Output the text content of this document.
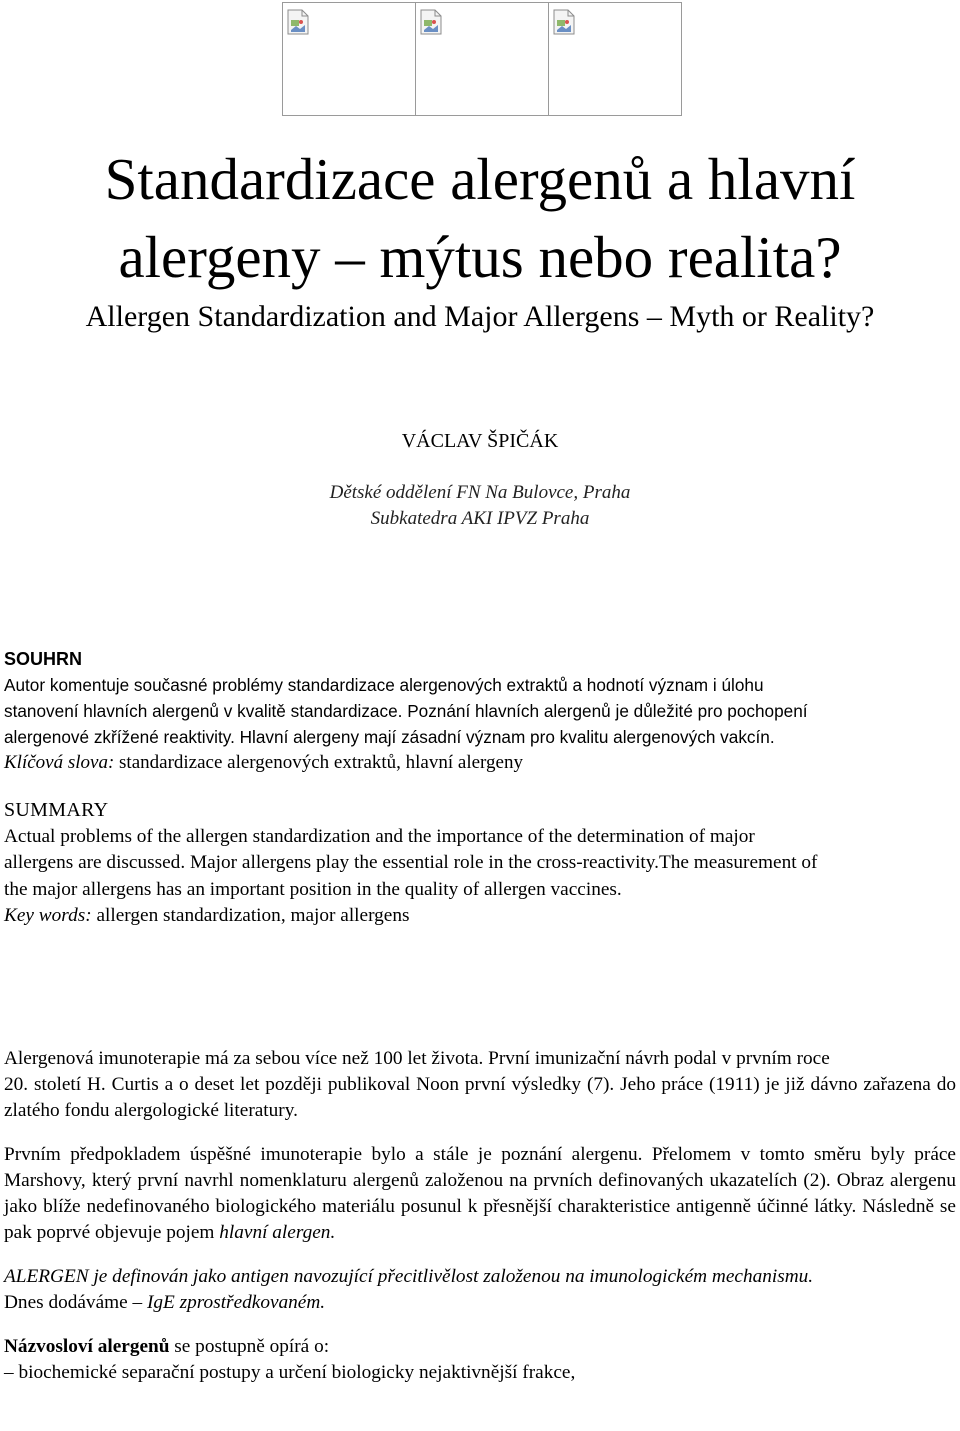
Standardizace alergenů a hlavní
alergeny – mýtus nebo realita?
Allergen Standardization and Major Allergens – Myth or Reality?
VÁCLAV ŠPIČÁK
Dětské oddělení FN Na Bulovce, Praha
Subkatedra AKI IPVZ Praha
SOUHRN
Autor komentuje současné problémy standardizace alergenových extraktů a hodnotí význam i úlohu
stanovení hlavních alergenů v kvalitě standardizace. Poznání hlavních alergenů je důležité pro pochopení
alergenové zkřížené reaktivity. Hlavní alergeny mají zásadní význam pro kvalitu alergenových vakcín.
Klíčová slova: standardizace alergenových extraktů, hlavní alergeny
SUMMARY
Actual problems of the allergen standardization and the importance of the determination of major
allergens are discussed. Major allergens play the essential role in the cross-reactivity.The measurement of
the major allergens has an important position in the quality of allergen vaccines.
Key words: allergen standardization, major allergens

Alergenová imunoterapie má za sebou více než 100 let života. První imunizační návrh podal v prvním roce
20. století H. Curtis a o deset let později publikoval Noon první výsledky (7). Jeho práce (1911) je již dávno zařazena do zlatého fondu alergologické literatury.

Prvním předpokladem úspěšné imunoterapie bylo a stále je poznání alergenu. Přelomem v tomto směru byly práce Marshovy, který první navrhl nomenklaturu alergenů založenou na prvních definovaných ukazatelích (2). Obraz alergenu jako blíže nedefinovaného biologického materiálu posunul k přesnější charakteristice antigenně účinné látky. Následně se pak poprvé objevuje pojem hlavní alergen.

ALERGEN je definován jako antigen navozující přecitlivělost založenou na imunologickém mechanismu.
Dnes dodáváme – IgE zprostředkovaném.

Názvosloví alergenů se postupně opírá o:
– biochemické separační postupy a určení biologicky nejaktivnější frakce,
